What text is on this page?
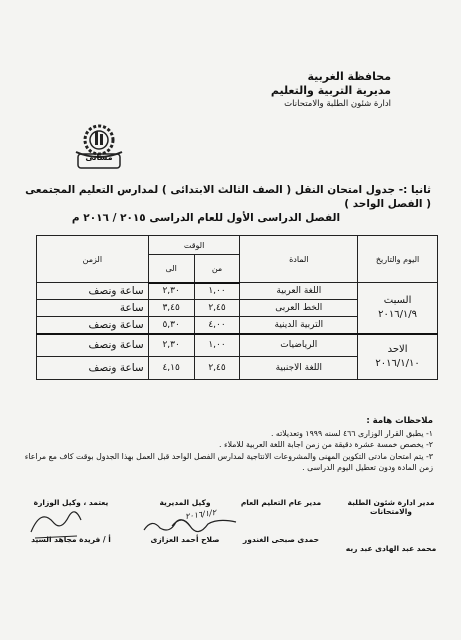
محافظة الغربية
مديرية التربية والتعليم
ادارة شئون الطلبة والامتحانات
مسانى
ثانيا :- جدول امتحان النقل ( الصف الثالث الابتدائى ) لمدارس التعليم المجتمعى ( الفصل الواحد )
الفصل الدراسى الأول للعام الدراسى ٢٠١٥ / ٢٠١٦ م
اليوم والتاريخ	المادة	الوقت		الزمن
		من	الى	

السبت
٢٠١٦/١/٩	اللغة العربية	١,٠٠	٢,٣٠	ساعة ونصف
	الخط العربى	٢,٤٥	٣,٤٥	ساعة
	التربية الدينية	٤,٠٠	٥,٣٠	ساعة ونصف

الاحد
٢٠١٦/١/١٠	الرياضيات	١,٠٠	٢,٣٠	ساعة ونصف
	اللغة الاجنبية	٢,٤٥	٤,١٥	ساعة ونصف
ملاحظات هامة :
١- يطبق القرار الوزارى ٤٦٦ لسنه ١٩٩٩ وتعديلاته .
٢- يخصص خمسة عشرة دقيقة من زمن اجابة اللغة العربية للاملاء .
٣- يتم امتحان مادتى التكوين المهنى والمشروعات الانتاجية لمدارس الفصل الواحد قبل العمل بهذا الجدول بوقت كاف مع مراعاء زمن المادة ودون تعطيل اليوم الدراسى .
مدير ادارة شئون الطلبة والامتحانات
محمد عبد الهادى عبد ربه
مدير عام التعليم العام
حمدى صبحى الغندور
وكيل المديرية
صلاح أحمد العزازى
يعتمد ، وكيل الوزارة
أ / فريدة مجاهد السيد
٢٠١٦/١/٢
